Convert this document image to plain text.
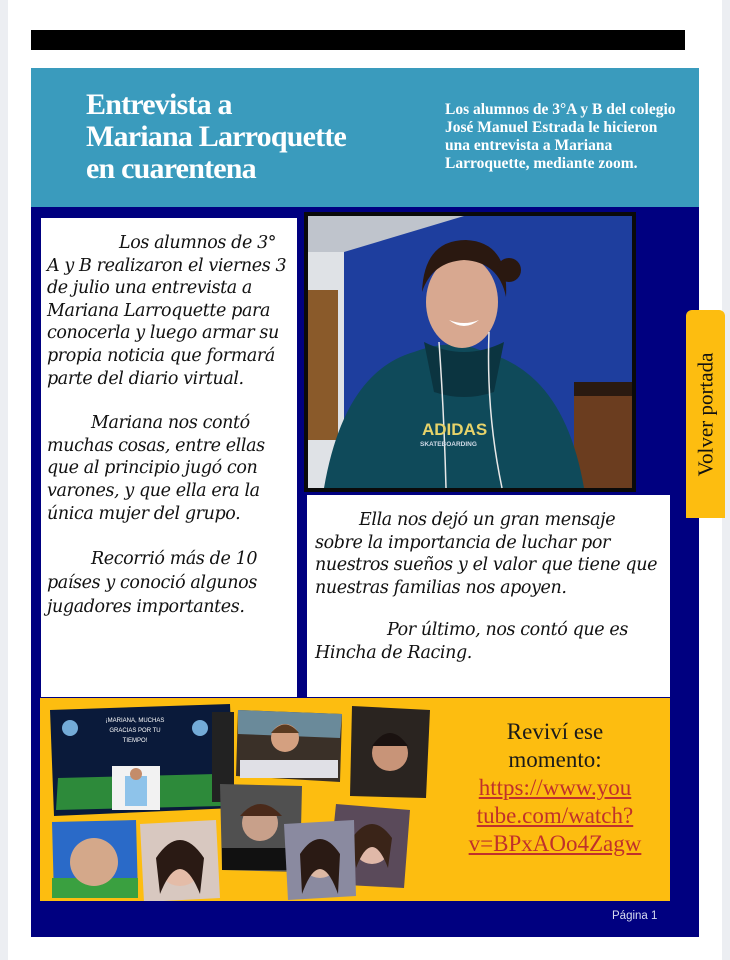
Entrevista a
Mariana Larroquette
en cuarentena
Los alumnos de 3°A y B del colegio José Manuel Estrada le hicieron una entrevista a Mariana Larroquette, mediante zoom.

Los alumnos de 3° A y B realizaron el viernes 3 de julio una entrevista a Mariana Larroquette para conocerla y luego armar su propia noticia que formará parte del diario virtual.

Mariana nos contó muchas cosas, entre ellas que al principio jugó con varones, y que ella era la única mujer del grupo.

Recorrió más de 10 países y conoció algunos jugadores importantes.

ADIDAS
SKATEBOARDING

Ella nos dejó un gran mensaje sobre la importancia de luchar por nuestros sueños y el valor que tiene que nuestras familias nos apoyen.

Por último, nos contó que es Hincha de Racing.

Volver portada
¡MARIANA, MUCHAS
GRACIAS POR TU
TIEMPO!	Reviví ese
momento:
https://www.you
tube.com/watch?
v=BPxAOo4Zagw
Página 1
